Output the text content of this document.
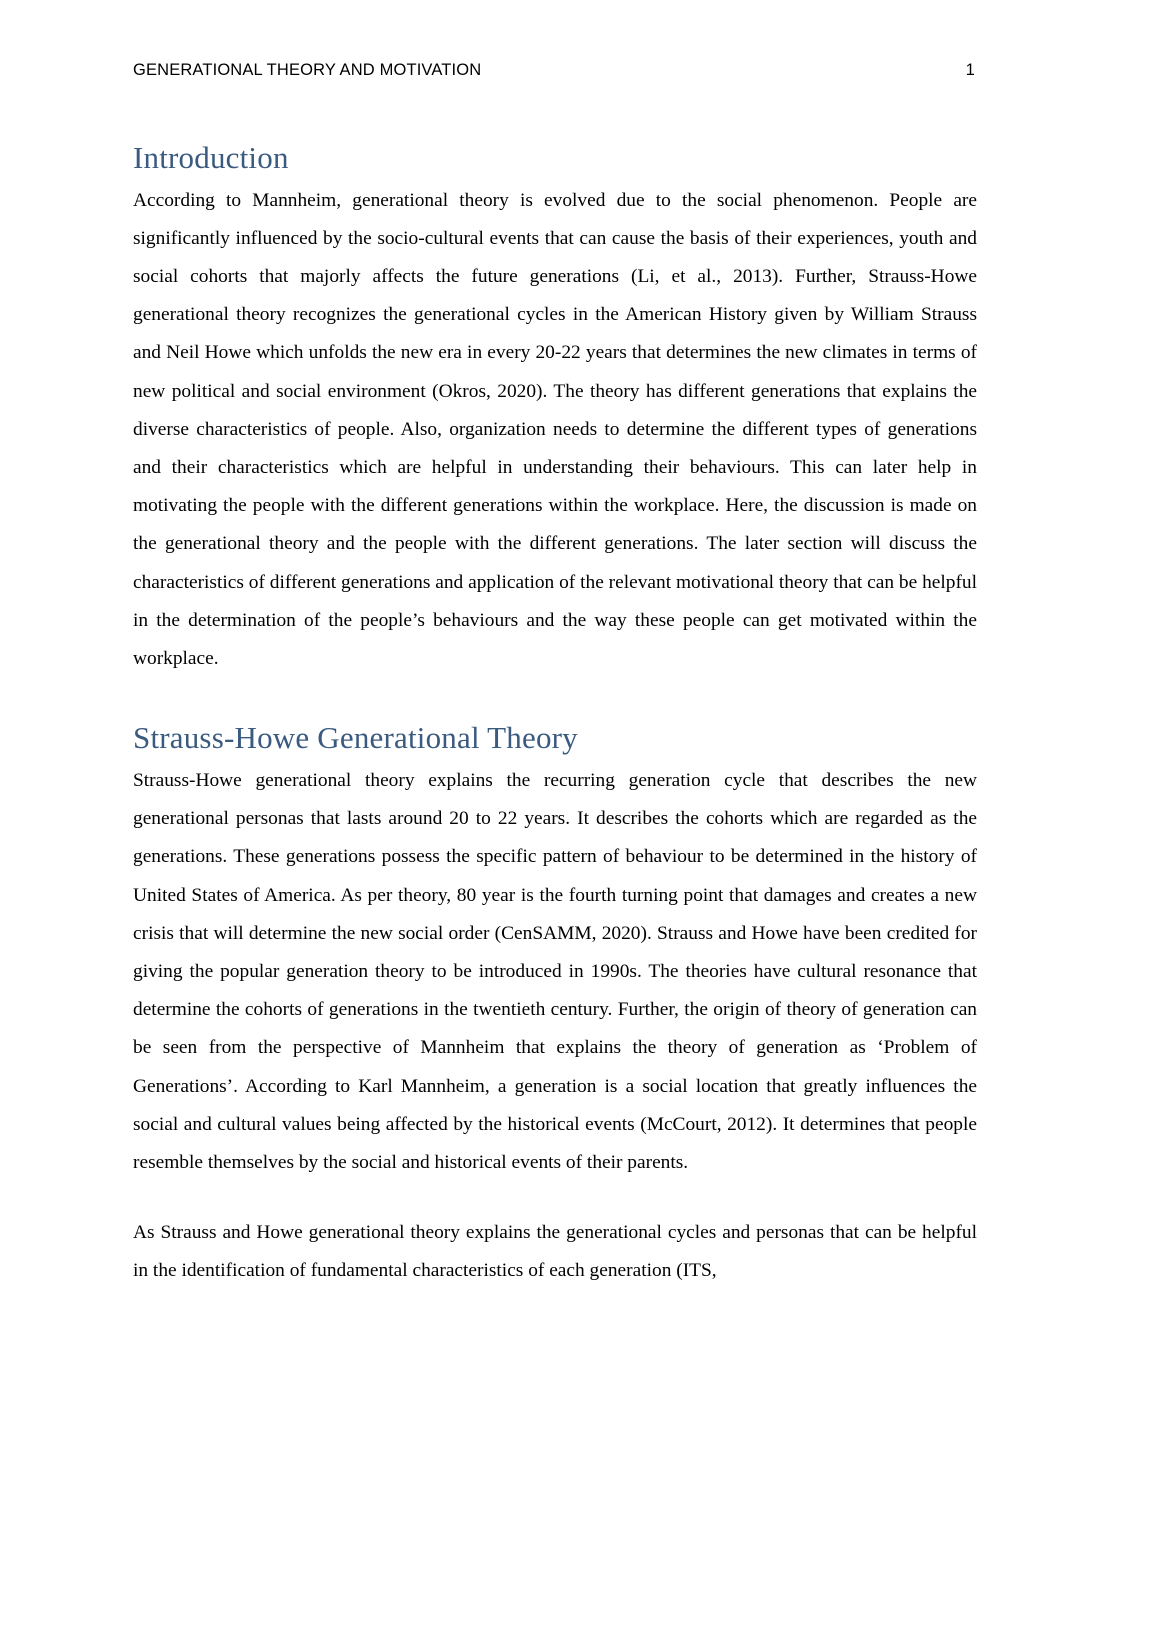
GENERATIONAL THEORY AND MOTIVATION	1
Introduction

According to Mannheim, generational theory is evolved due to the social phenomenon. People are significantly influenced by the socio-cultural events that can cause the basis of their experiences, youth and social cohorts that majorly affects the future generations (Li, et al., 2013). Further, Strauss-Howe generational theory recognizes the generational cycles in the American History given by William Strauss and Neil Howe which unfolds the new era in every 20-22 years that determines the new climates in terms of new political and social environment (Okros, 2020). The theory has different generations that explains the diverse characteristics of people. Also, organization needs to determine the different types of generations and their characteristics which are helpful in understanding their behaviours. This can later help in motivating the people with the different generations within the workplace. Here, the discussion is made on the generational theory and the people with the different generations. The later section will discuss the characteristics of different generations and application of the relevant motivational theory that can be helpful in the determination of the people’s behaviours and the way these people can get motivated within the workplace.

Strauss-Howe Generational Theory

Strauss-Howe generational theory explains the recurring generation cycle that describes the new generational personas that lasts around 20 to 22 years. It describes the cohorts which are regarded as the generations. These generations possess the specific pattern of behaviour to be determined in the history of United States of America. As per theory, 80 year is the fourth turning point that damages and creates a new crisis that will determine the new social order (CenSAMM, 2020). Strauss and Howe have been credited for giving the popular generation theory to be introduced in 1990s. The theories have cultural resonance that determine the cohorts of generations in the twentieth century. Further, the origin of theory of generation can be seen from the perspective of Mannheim that explains the theory of generation as ‘Problem of Generations’. According to Karl Mannheim, a generation is a social location that greatly influences the social and cultural values being affected by the historical events (McCourt, 2012). It determines that people resemble themselves by the social and historical events of their parents.

As Strauss and Howe generational theory explains the generational cycles and personas that can be helpful in the identification of fundamental characteristics of each generation (ITS,
